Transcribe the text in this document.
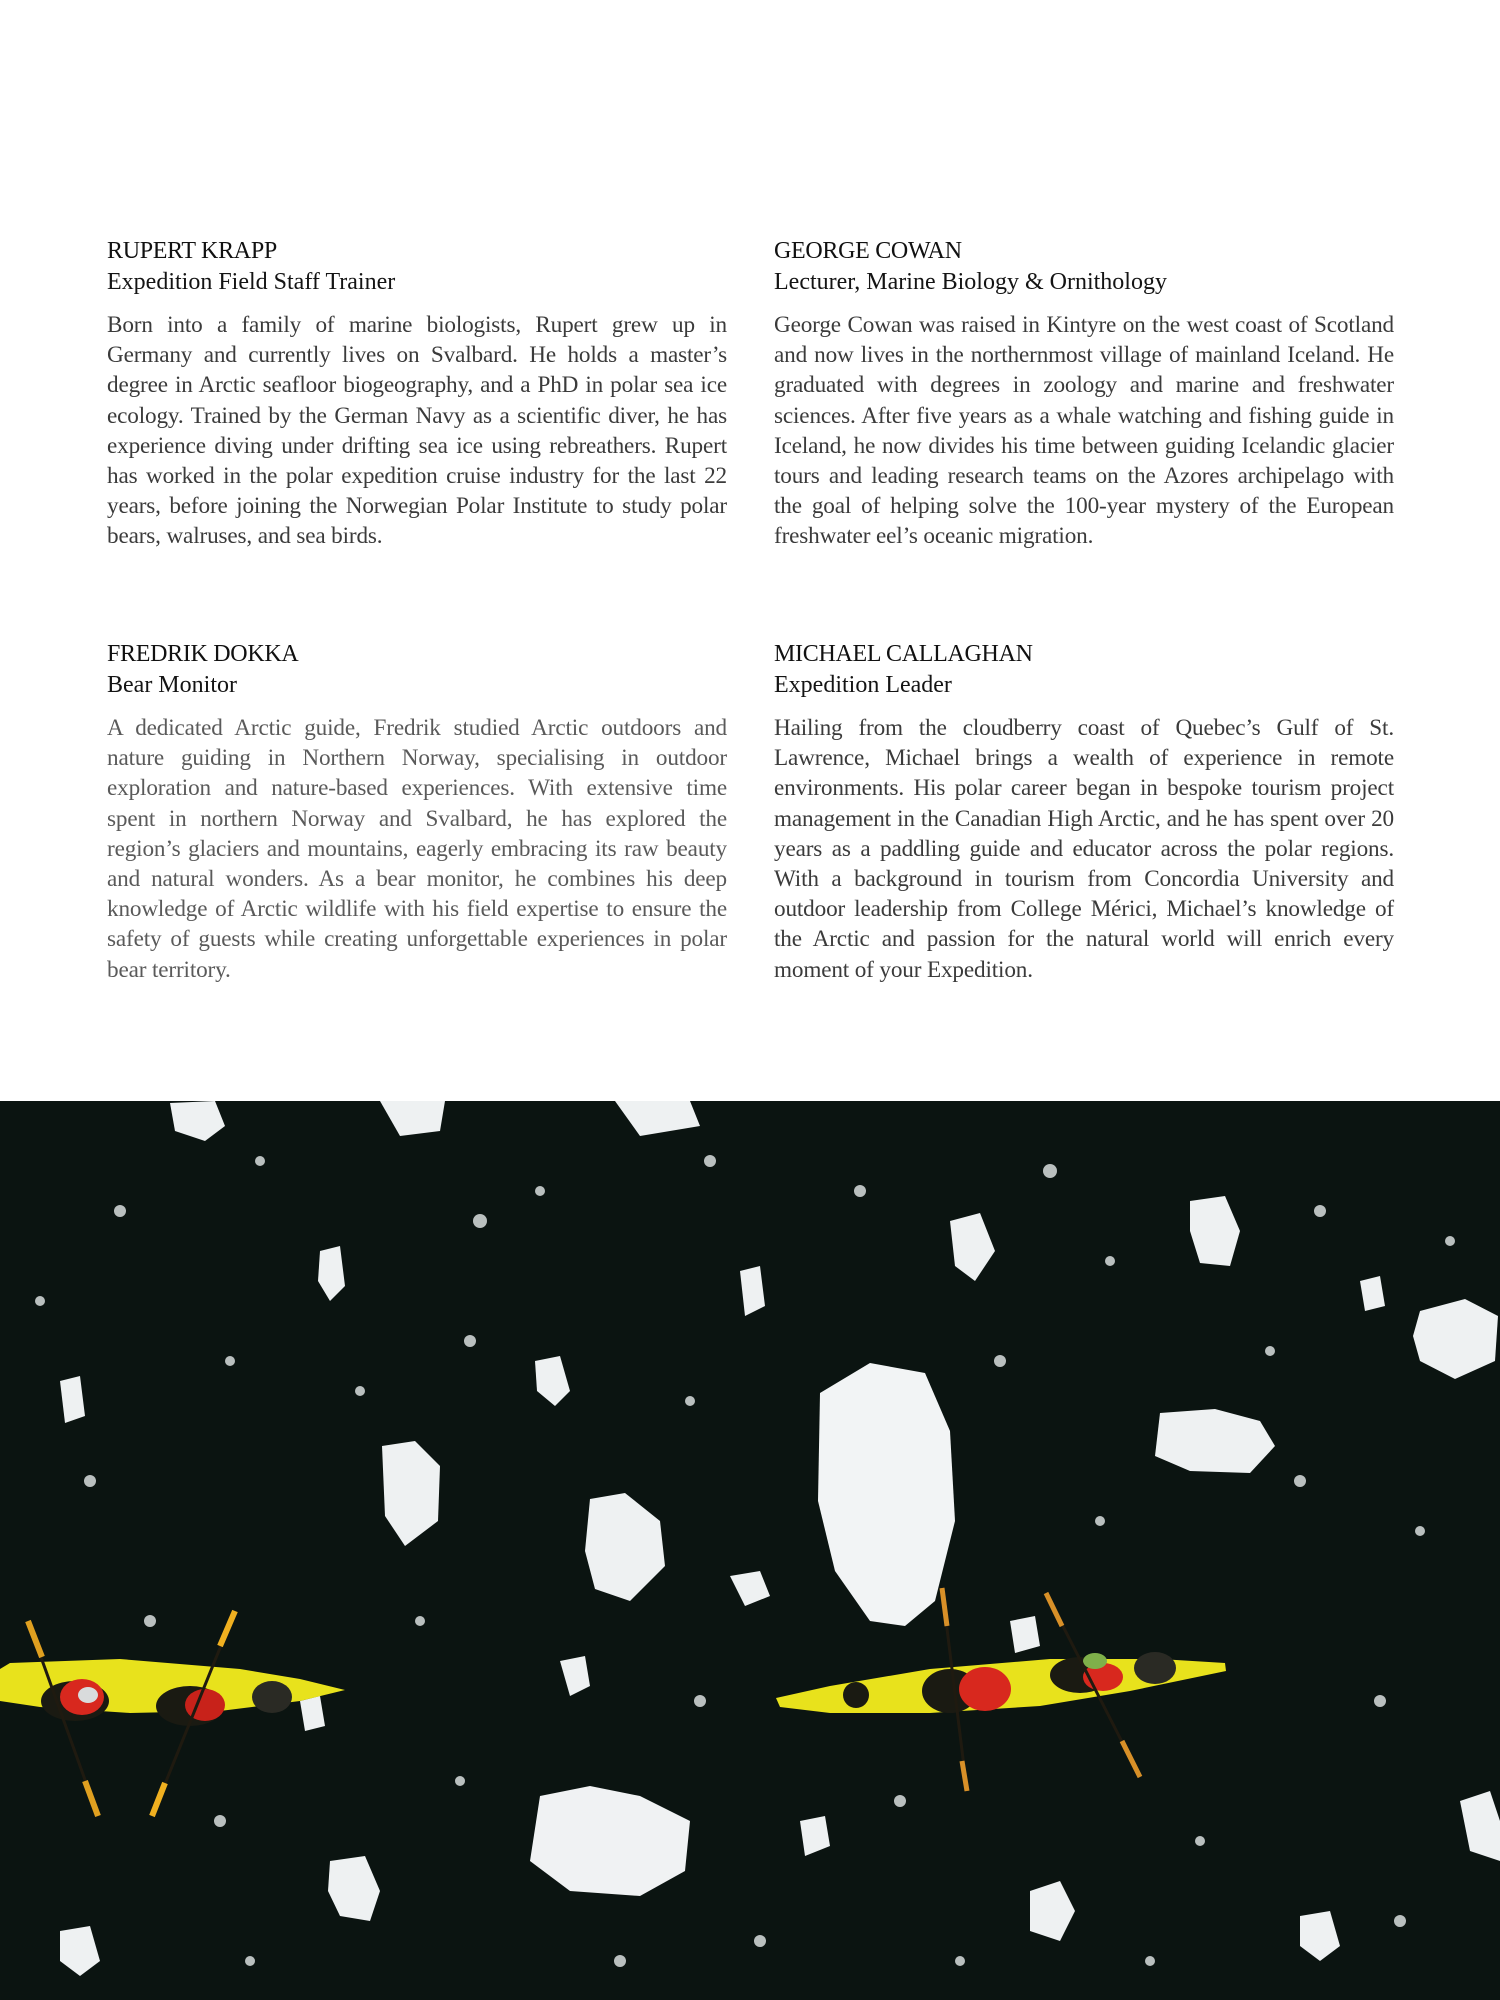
RUPERT KRAPP
Expedition Field Staff Trainer

Born into a family of marine biologists, Rupert grew up in Germany and currently lives on Svalbard. He holds a master’s degree in Arctic seafloor biogeography, and a PhD in polar sea ice ecology. Trained by the German Navy as a scientific diver, he has experience diving under drifting sea ice using rebreathers. Rupert has worked in the polar expedition cruise industry for the last 22 years, before joining the Norwegian Polar Institute to study polar bears, walruses, and sea birds.

GEORGE COWAN
Lecturer, Marine Biology & Ornithology

George Cowan was raised in Kintyre on the west coast of Scotland and now lives in the northernmost village of mainland Iceland. He graduated with degrees in zoology and marine and freshwater sciences. After five years as a whale watching and fishing guide in Iceland, he now divides his time between guiding Icelandic glacier tours and leading research teams on the Azores archipelago with the goal of helping solve the 100-year mystery of the European freshwater eel’s oceanic migration.

FREDRIK DOKKA
Bear Monitor

A dedicated Arctic guide, Fredrik studied Arctic outdoors and nature guiding in Northern Norway, specialising in outdoor exploration and nature-based experiences. With extensive time spent in northern Norway and Svalbard, he has explored the region’s glaciers and mountains, eagerly embracing its raw beauty and natural wonders. As a bear monitor, he combines his deep knowledge of Arctic wildlife with his field expertise to ensure the safety of guests while creating unforgettable experiences in polar bear territory.

MICHAEL CALLAGHAN
Expedition Leader

Hailing from the cloudberry coast of Quebec’s Gulf of St. Lawrence, Michael brings a wealth of experience in remote environments. His polar career began in bespoke tourism project management in the Canadian High Arctic, and he has spent over 20 years as a paddling guide and educator across the polar regions. With a background in tourism from Concordia University and outdoor leadership from College Mérici, Michael’s knowledge of the Arctic and passion for the natural world will enrich every moment of your Expedition.
